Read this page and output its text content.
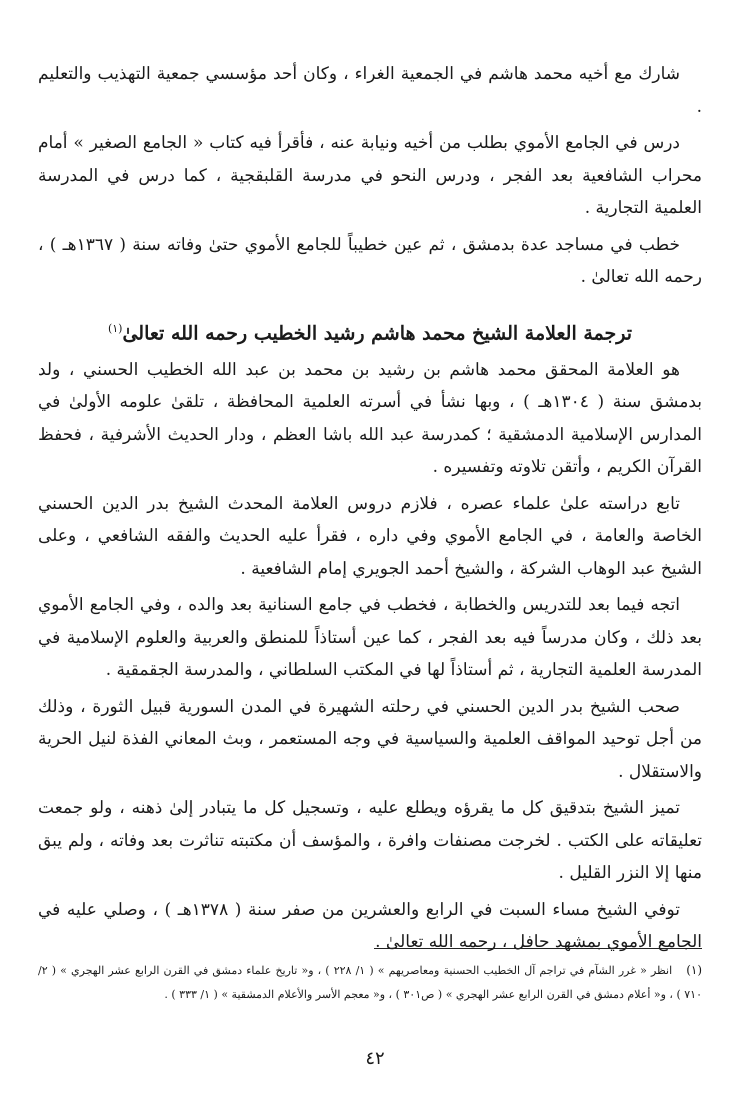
شارك مع أخيه محمد هاشم في الجمعية الغراء ، وكان أحد مؤسسي جمعية التهذيب والتعليم .

درس في الجامع الأموي بطلب من أخيه ونيابة عنه ، فأقرأ فيه كتاب « الجامع الصغير » أمام محراب الشافعية بعد الفجر ، ودرس النحو في مدرسة القلبقجية ، كما درس في المدرسة العلمية التجارية .

خطب في مساجد عدة بدمشق ، ثم عين خطيباً للجامع الأموي حتىٰ وفاته سنة ( ١٣٦٧هـ ) ، رحمه الله تعالىٰ .

ترجمة العلامة الشيخ محمد هاشم رشيد الخطيب رحمه الله تعالىٰ$^{(١)}$

هو العلامة المحقق محمد هاشم بن رشيد بن محمد بن عبد الله الخطيب الحسني ، ولد بدمشق سنة ( ١٣٠٤هـ ) ، وبها نشأ في أسرته العلمية المحافظة ، تلقىٰ علومه الأولىٰ في المدارس الإسلامية الدمشقية ؛ كمدرسة عبد الله باشا العظم ، ودار الحديث الأشرفية ، فحفظ القرآن الكريم ، وأتقن تلاوته وتفسيره .

تابع دراسته علىٰ علماء عصره ، فلازم دروس العلامة المحدث الشيخ بدر الدين الحسني الخاصة والعامة ، في الجامع الأموي وفي داره ، فقرأ عليه الحديث والفقه الشافعي ، وعلى الشيخ عبد الوهاب الشركة ، والشيخ أحمد الجويري إمام الشافعية .

اتجه فيما بعد للتدريس والخطابة ، فخطب في جامع السنانية بعد والده ، وفي الجامع الأموي بعد ذلك ، وكان مدرساً فيه بعد الفجر ، كما عين أستاذاً للمنطق والعربية والعلوم الإسلامية في المدرسة العلمية التجارية ، ثم أستاذاً لها في المكتب السلطاني ، والمدرسة الجقمقية .

صحب الشيخ بدر الدين الحسني في رحلته الشهيرة في المدن السورية قبيل الثورة ، وذلك من أجل توحيد المواقف العلمية والسياسية في وجه المستعمر ، وبث المعاني الفذة لنيل الحرية والاستقلال .

تميز الشيخ بتدقيق كل ما يقرؤه ويطلع عليه ، وتسجيل كل ما يتبادر إلىٰ ذهنه ، ولو جمعت تعليقاته على الكتب . لخرجت مصنفات وافرة ، والمؤسف أن مكتبته تناثرت بعد وفاته ، ولم يبق منها إلا النزر القليل .

توفي الشيخ مساء السبت في الرابع والعشرين من صفر سنة ( ١٣٧٨هـ ) ، وصلي عليه في الجامع الأموي بمشهد حافل ، رحمه الله تعالىٰ .

(١)انظر « غرر الشآم في تراجم آل الخطيب الحسنية ومعاصريهم » ( ١/ ٢٢٨ ) ، و« تاريخ علماء دمشق في القرن الرابع عشر الهجري » ( ٢/ ٧١٠ ) ، و« أعلام دمشق في القرن الرابع عشر الهجري » ( ص٣٠١ ) ، و« معجم الأسر والأعلام الدمشقية » ( ١/ ٣٣٣ ) .
٤٢
